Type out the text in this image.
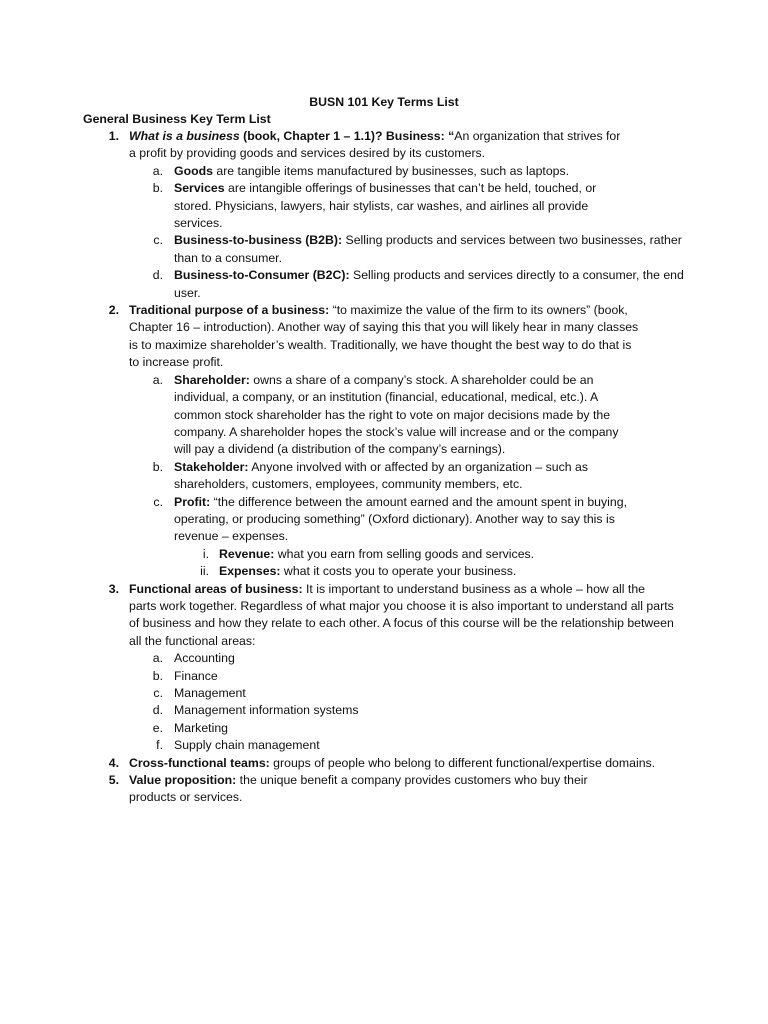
BUSN 101 Key Terms List
General Business Key Term List
1. What is a business (book, Chapter 1 – 1.1)? Business: “An organization that strives for a profit by providing goods and services desired by its customers.
a. Goods are tangible items manufactured by businesses, such as laptops.
b. Services are intangible offerings of businesses that can’t be held, touched, or stored. Physicians, lawyers, hair stylists, car washes, and airlines all provide services.
c. Business-to-business (B2B): Selling products and services between two businesses, rather than to a consumer.
d. Business-to-Consumer (B2C): Selling products and services directly to a consumer, the end user.
2. Traditional purpose of a business: “to maximize the value of the firm to its owners” (book, Chapter 16 – introduction). Another way of saying this that you will likely hear in many classes is to maximize shareholder’s wealth. Traditionally, we have thought the best way to do that is to increase profit.
a. Shareholder: owns a share of a company’s stock. A shareholder could be an individual, a company, or an institution (financial, educational, medical, etc.). A common stock shareholder has the right to vote on major decisions made by the company. A shareholder hopes the stock’s value will increase and or the company will pay a dividend (a distribution of the company’s earnings).
b. Stakeholder: Anyone involved with or affected by an organization – such as shareholders, customers, employees, community members, etc.
c. Profit: “the difference between the amount earned and the amount spent in buying, operating, or producing something” (Oxford dictionary). Another way to say this is revenue – expenses.
i. Revenue: what you earn from selling goods and services.
ii. Expenses: what it costs you to operate your business.
3. Functional areas of business: It is important to understand business as a whole – how all the parts work together. Regardless of what major you choose it is also important to understand all parts of business and how they relate to each other. A focus of this course will be the relationship between all the functional areas:
a. Accounting
b. Finance
c. Management
d. Management information systems
e. Marketing
f. Supply chain management
4. Cross-functional teams: groups of people who belong to different functional/expertise domains.
5. Value proposition: the unique benefit a company provides customers who buy their products or services.
